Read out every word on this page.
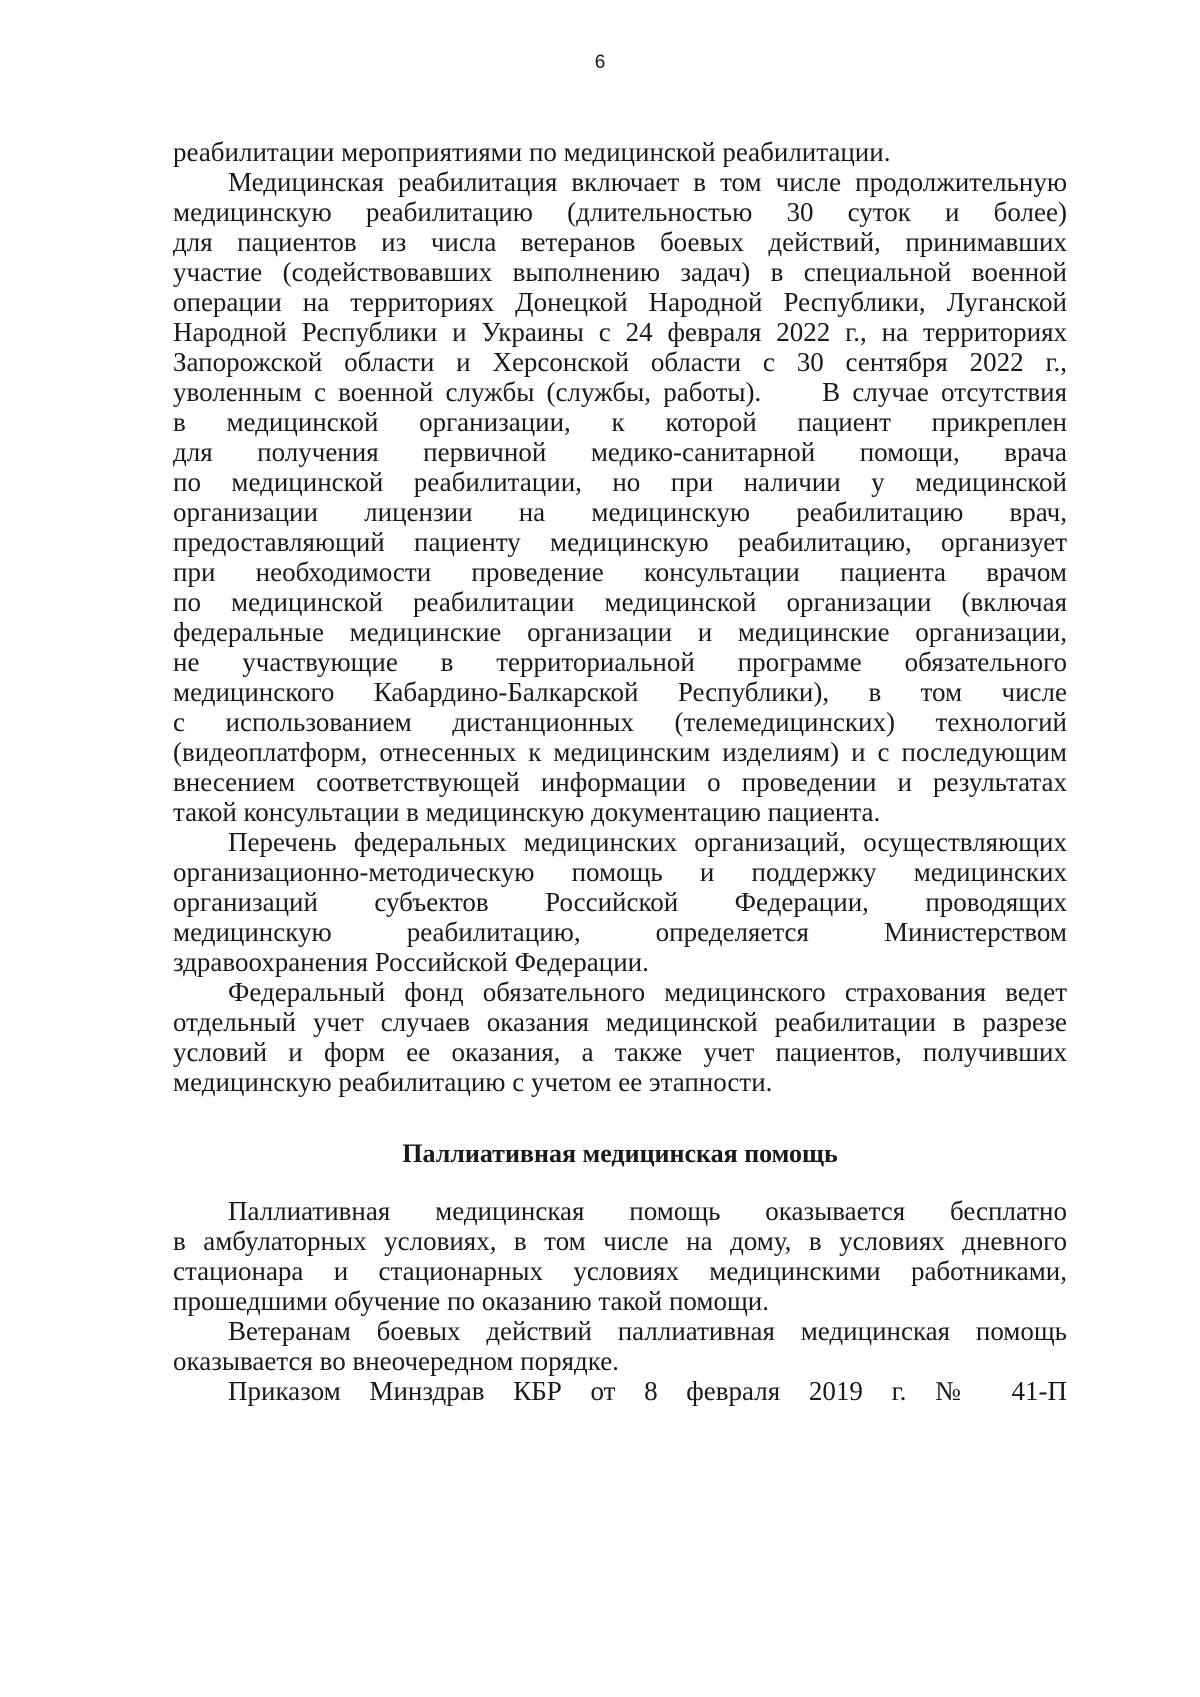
6
реабилитации мероприятиями по медицинской реабилитации.
Медицинская реабилитация включает в том числе продолжительную
медицинскую реабилитацию (длительностью 30 суток и более)
для пациентов из числа ветеранов боевых действий, принимавших
участие (содействовавших выполнению задач) в специальной военной
операции на территориях Донецкой Народной Республики, Луганской
Народной Республики и Украины с 24 февраля 2022 г., на территориях
Запорожской области и Херсонской области с 30 сентября 2022 г.,
уволенным с военной службы (службы, работы).     В случае отсутствия
в медицинской организации, к которой пациент прикреплен
для получения первичной медико-санитарной помощи, врача
по медицинской реабилитации, но при наличии у медицинской
организации лицензии на медицинскую реабилитацию врач,
предоставляющий пациенту медицинскую реабилитацию, организует
при необходимости проведение консультации пациента врачом
по медицинской реабилитации медицинской организации (включая
федеральные медицинские организации и медицинские организации,
не участвующие в территориальной программе обязательного
медицинского Кабардино-Балкарской Республики), в том числе
с использованием дистанционных (телемедицинских) технологий
(видеоплатформ, отнесенных к медицинским изделиям) и с последующим
внесением соответствующей информации о проведении и результатах
такой консультации в медицинскую документацию пациента.
Перечень федеральных медицинских организаций, осуществляющих
организационно-методическую помощь и поддержку медицинских
организаций субъектов Российской Федерации, проводящих
медицинскую реабилитацию, определяется Министерством
здравоохранения Российской Федерации.
Федеральный фонд обязательного медицинского страхования ведет
отдельный учет случаев оказания медицинской реабилитации в разрезе
условий и форм ее оказания, а также учет пациентов, получивших
медицинскую реабилитацию с учетом ее этапности.
Паллиативная медицинская помощь
Паллиативная медицинская помощь оказывается бесплатно
в амбулаторных условиях, в том числе на дому, в условиях дневного
стационара и стационарных условиях медицинскими работниками,
прошедшими обучение по оказанию такой помощи.
Ветеранам боевых действий паллиативная медицинская помощь
оказывается во внеочередном порядке.
Приказом Минздрав КБР от 8 февраля 2019 г. № 41-П
